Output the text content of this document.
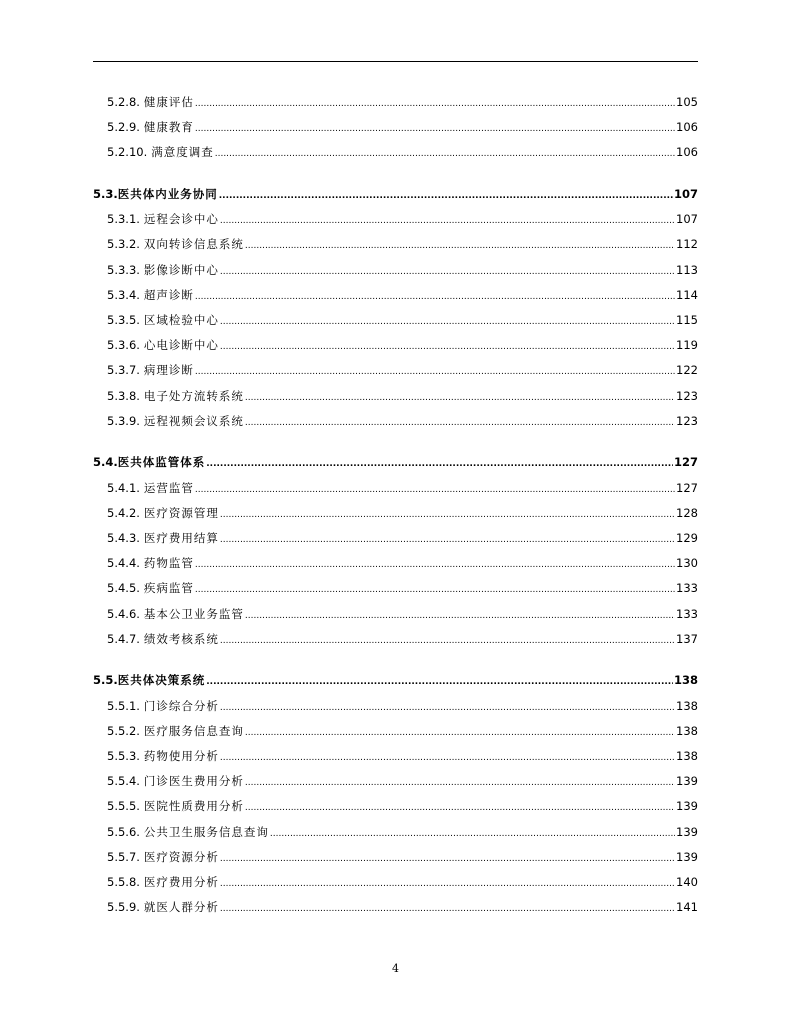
5.2.8. 健康评估 .....	105
5.2.9. 健康教育 .....	106
5.2.10. 满意度调查 .....	106
5.3. 医共体内业务协同 .....	107
5.3.1. 远程会诊中心 .....	107
5.3.2. 双向转诊信息系统 .....	112
5.3.3. 影像诊断中心 .....	113
5.3.4. 超声诊断 .....	114
5.3.5. 区域检验中心 .....	115
5.3.6. 心电诊断中心 .....	119
5.3.7. 病理诊断 .....	122
5.3.8. 电子处方流转系统 .....	123
5.3.9. 远程视频会议系统 .....	123
5.4. 医共体监管体系 .....	127
5.4.1. 运营监管 .....	127
5.4.2. 医疗资源管理 .....	128
5.4.3. 医疗费用结算 .....	129
5.4.4. 药物监管 .....	130
5.4.5. 疾病监管 .....	133
5.4.6. 基本公卫业务监管 .....	133
5.4.7. 绩效考核系统 .....	137
5.5. 医共体决策系统 .....	138
5.5.1. 门诊综合分析 .....	138
5.5.2. 医疗服务信息查询 .....	138
5.5.3. 药物使用分析 .....	138
5.5.4. 门诊医生费用分析 .....	139
5.5.5. 医院性质费用分析 .....	139
5.5.6. 公共卫生服务信息查询 .....	139
5.5.7. 医疗资源分析 .....	139
5.5.8. 医疗费用分析 .....	140
5.5.9. 就医人群分析 .....	141
4
